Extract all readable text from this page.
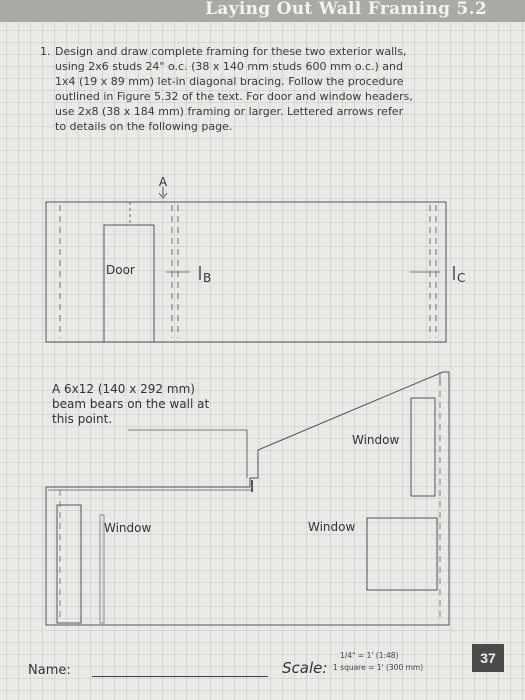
Laying Out Wall Framing 5.2
1. Design and draw complete framing for these two exterior walls,
using 2x6 studs 24" o.c. (38 x 140 mm studs 600 mm o.c.) and
1x4 (19 x 89 mm) let-in diagonal bracing. Follow the procedure
outlined in Figure 5.32 of the text. For door and window headers,
use 2x8 (38 x 184 mm) framing or larger. Lettered arrows refer
to details on the following page.
A
Door
B	C
Window
Window	Window
A 6x12 (140 x 292 mm)
beam bears on the wall at
this point.
Name:	Scale:
1/4" = 1' (1:48)
1 square = 1' (300 mm)
37
